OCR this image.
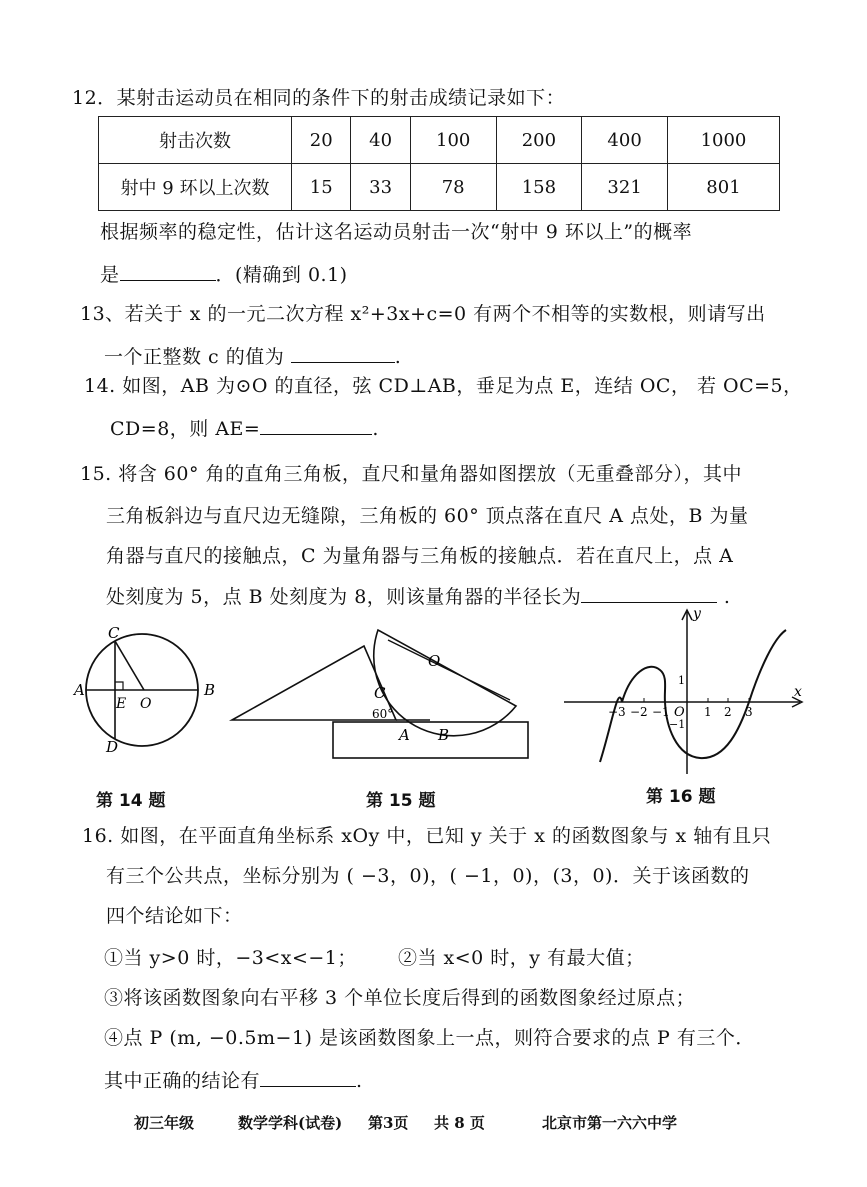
12．某射击运动员在相同的条件下的射击成绩记录如下：
射击次数	20	40	100	200	400	1000
射中 9 环以上次数	15	33	78	158	321	801
根据频率的稳定性，估计这名运动员射击一次“射中 9 环以上”的概率
是	．(精确到 0.1)
13、若关于 x 的一元二次方程 x²+3x+c=0 有两个不相等的实数根，则请写出
一个正整数 c 的值为	.
14. 如图，AB 为⊙O 的直径，弦 CD⊥AB，垂足为点 E，连结 OC， 若 OC=5，
CD=8，则 AE=	.
15. 将含 60° 角的直角三角板，直尺和量角器如图摆放（无重叠部分），其中
三角板斜边与直尺边无缝隙，三角板的 60° 顶点落在直尺 A 点处，B 为量
角器与直尺的接触点，C 为量角器与三角板的接触点．若在直尺上，点 A
处刻度为 5，点 B 处刻度为 8，则该量角器的半径长为	.
C
A
E O
B
D
O
C
60°
A B
x
y
O
−3 −2 −1	1 2 3
1
−1
第 14 题	第 15 题	第 16 题
16. 如图，在平面直角坐标系 xOy 中，已知 y 关于 x 的函数图象与 x 轴有且只
有三个公共点，坐标分别为 ( −3，0)，( −1，0)，(3，0)．关于该函数的
四个结论如下：
①当 y>0 时，−3<x<−1； ②当 x<0 时，y 有最大值；
③将该函数图象向右平移 3 个单位长度后得到的函数图象经过原点；
④点 P (m, −0.5m−1) 是该函数图象上一点，则符合要求的点 P 有三个．
其中正确的结论有	.
初三年级	数学学科(试卷) 第3页 共 8 页	北京市第一六六中学
